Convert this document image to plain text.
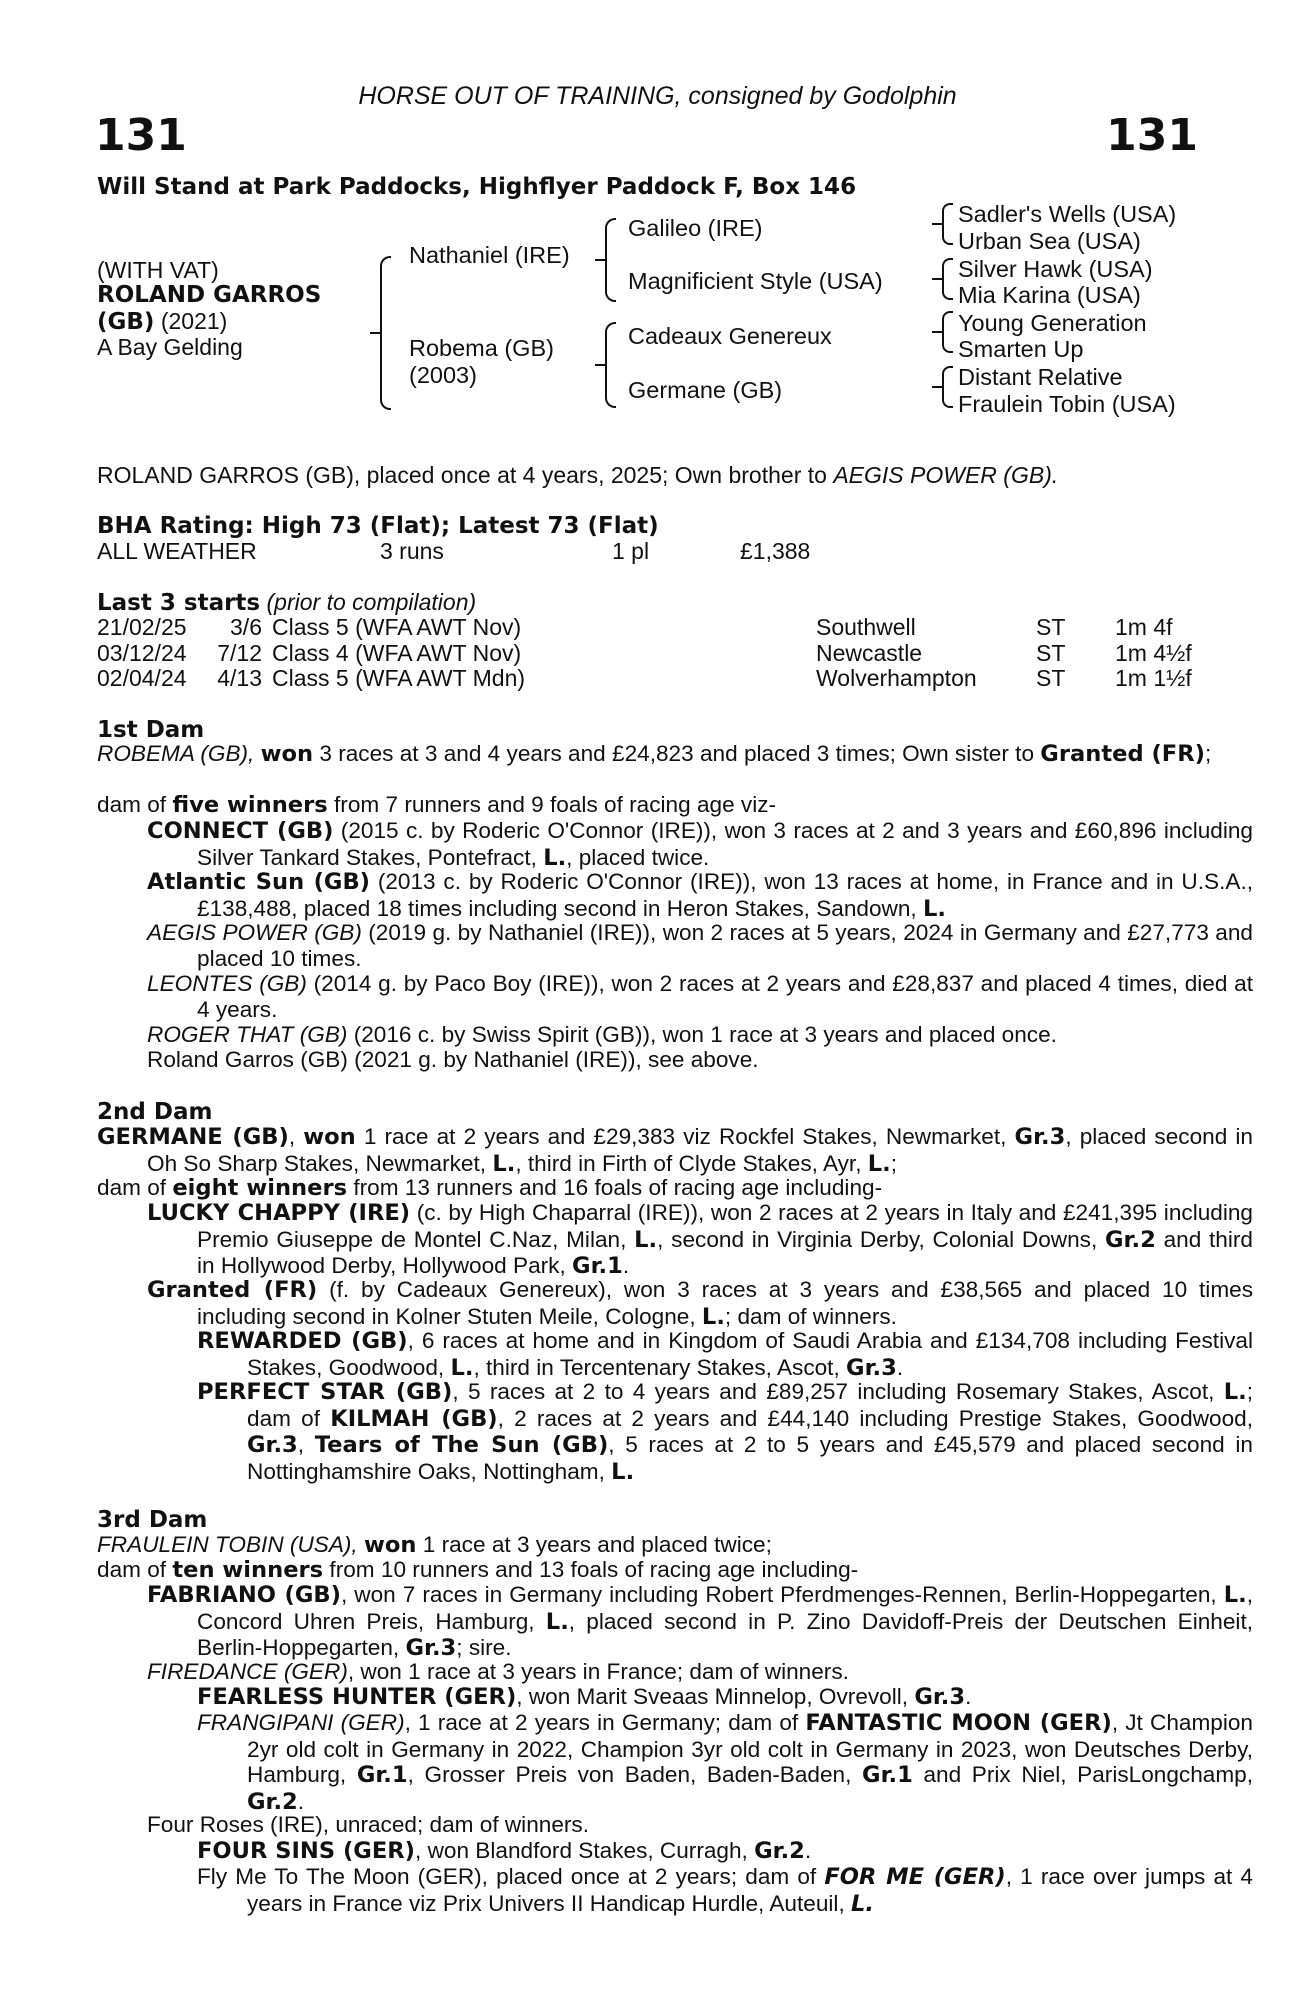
HORSE OUT OF TRAINING, consigned by Godolphin
131	131
Will Stand at Park Paddocks, Highflyer Paddock F, Box 146
(WITH VAT)
ROLAND GARROS
(GB) (2021)
A Bay Gelding
Nathaniel (IRE)
Robema (GB)
(2003)
Galileo (IRE)
Magnificient Style (USA)
Cadeaux Genereux
Germane (GB)
Sadler's Wells (USA)
Urban Sea (USA)
Silver Hawk (USA)
Mia Karina (USA)
Young Generation
Smarten Up
Distant Relative
Fraulein Tobin (USA)
ROLAND GARROS (GB), placed once at 4 years, 2025; Own brother to AEGIS POWER (GB).
BHA Rating: High 73 (Flat); Latest 73 (Flat)
ALL WEATHER	3 runs	1 pl	£1,388
Last 3 starts (prior to compilation)
21/02/25	3/6 Class 5 (WFA AWT Nov)	Southwell	ST 1m 4f
03/12/24	7/12 Class 4 (WFA AWT Nov)	Newcastle	ST 1m 4½f
02/04/24	4/13 Class 5 (WFA AWT Mdn)	Wolverhampton	ST 1m 1½f
1st Dam

ROBEMA (GB), won 3 races at 3 and 4 years and £24,823 and placed 3 times; Own sister to Granted (FR);

dam of five winners from 7 runners and 9 foals of racing age viz-

CONNECT (GB) (2015 c. by Roderic O'Connor (IRE)), won 3 races at 2 and 3 years and £60,896 including Silver Tankard Stakes, Pontefract, L., placed twice.

Atlantic Sun (GB) (2013 c. by Roderic O'Connor (IRE)), won 13 races at home, in France and in U.S.A., £138,488, placed 18 times including second in Heron Stakes, Sandown, L.

AEGIS POWER (GB) (2019 g. by Nathaniel (IRE)), won 2 races at 5 years, 2024 in Germany and £27,773 and placed 10 times.

LEONTES (GB) (2014 g. by Paco Boy (IRE)), won 2 races at 2 years and £28,837 and placed 4 times, died at 4 years.

ROGER THAT (GB) (2016 c. by Swiss Spirit (GB)), won 1 race at 3 years and placed once.

Roland Garros (GB) (2021 g. by Nathaniel (IRE)), see above.

2nd Dam

GERMANE (GB), won 1 race at 2 years and £29,383 viz Rockfel Stakes, Newmarket, Gr.3, placed second in Oh So Sharp Stakes, Newmarket, L., third in Firth of Clyde Stakes, Ayr, L.;

dam of eight winners from 13 runners and 16 foals of racing age including-

LUCKY CHAPPY (IRE) (c. by High Chaparral (IRE)), won 2 races at 2 years in Italy and £241,395 including Premio Giuseppe de Montel C.Naz, Milan, L., second in Virginia Derby, Colonial Downs, Gr.2 and third in Hollywood Derby, Hollywood Park, Gr.1.

Granted (FR) (f. by Cadeaux Genereux), won 3 races at 3 years and £38,565 and placed 10 times including second in Kolner Stuten Meile, Cologne, L.; dam of winners.

REWARDED (GB), 6 races at home and in Kingdom of Saudi Arabia and £134,708 including Festival Stakes, Goodwood, L., third in Tercentenary Stakes, Ascot, Gr.3.

PERFECT STAR (GB), 5 races at 2 to 4 years and £89,257 including Rosemary Stakes, Ascot, L.; dam of KILMAH (GB), 2 races at 2 years and £44,140 including Prestige Stakes, Goodwood, Gr.3, Tears of The Sun (GB), 5 races at 2 to 5 years and £45,579 and placed second in Nottinghamshire Oaks, Nottingham, L.

3rd Dam

FRAULEIN TOBIN (USA), won 1 race at 3 years and placed twice;

dam of ten winners from 10 runners and 13 foals of racing age including-

FABRIANO (GB), won 7 races in Germany including Robert Pferdmenges-Rennen, Berlin-Hoppegarten, L., Concord Uhren Preis, Hamburg, L., placed second in P. Zino Davidoff-Preis der Deutschen Einheit, Berlin-Hoppegarten, Gr.3; sire.

FIREDANCE (GER), won 1 race at 3 years in France; dam of winners.

FEARLESS HUNTER (GER), won Marit Sveaas Minnelop, Ovrevoll, Gr.3.

FRANGIPANI (GER), 1 race at 2 years in Germany; dam of FANTASTIC MOON (GER), Jt Champion 2yr old colt in Germany in 2022, Champion 3yr old colt in Germany in 2023, won Deutsches Derby, Hamburg, Gr.1, Grosser Preis von Baden, Baden-Baden, Gr.1 and Prix Niel, ParisLongchamp, Gr.2.

Four Roses (IRE), unraced; dam of winners.

FOUR SINS (GER), won Blandford Stakes, Curragh, Gr.2.

Fly Me To The Moon (GER), placed once at 2 years; dam of FOR ME (GER), 1 race over jumps at 4 years in France viz Prix Univers II Handicap Hurdle, Auteuil, L.
